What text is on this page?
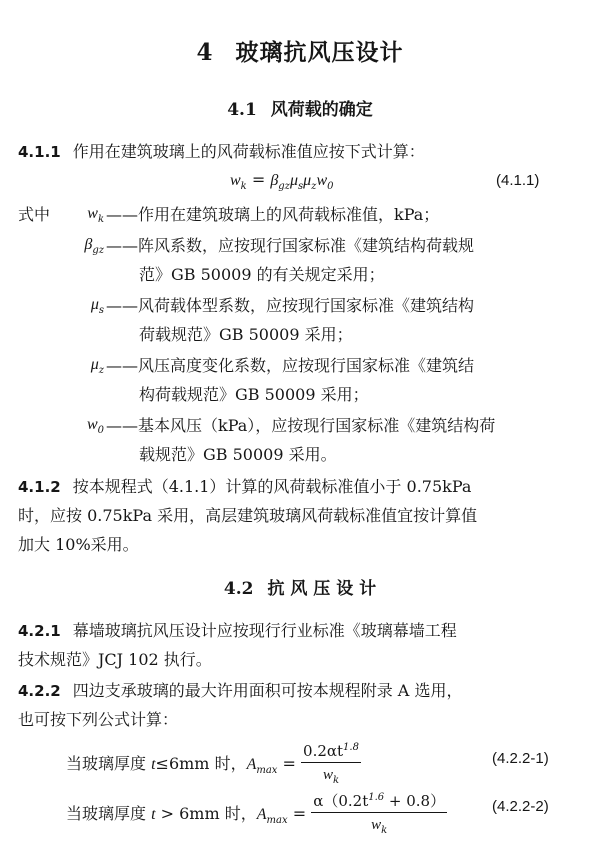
4 玻璃抗风压设计
4.1 风荷载的确定
4.1.1 作用在建筑玻璃上的风荷载标准值应按下式计算：
$w_k = \beta_{gz}\mu_s\mu_zw_0$	(4.1.1)
式中	$w_k$ ——作用在建筑玻璃上的风荷载标准值，kPa；
$\beta_{gz}$ ——阵风系数，应按现行国家标准《建筑结构荷载规
范》GB 50009 的有关规定采用；
$\mu_s$ ——风荷载体型系数，应按现行国家标准《建筑结构
荷载规范》GB 50009 采用；
$\mu_z$ ——风压高度变化系数，应按现行国家标准《建筑结
构荷载规范》GB 50009 采用；
$w_0$ ——基本风压（kPa），应按现行国家标准《建筑结构荷
载规范》GB 50009 采用。
4.1.2 按本规程式（4.1.1）计算的风荷载标准值小于 0.75kPa
时，应按 0.75kPa 采用，高层建筑玻璃风荷载标准值宜按计算值
加大 10%采用。
4.2 抗 风 压 设 计
4.2.1 幕墙玻璃抗风压设计应按现行行业标准《玻璃幕墙工程
技术规范》JCJ 102 执行。
4.2.2 四边支承玻璃的最大许用面积可按本规程附录 A 选用，
也可按下列公式计算：
当玻璃厚度 t≤6mm 时，$A_{max} = \frac{0.2\alpha t^{1.8}}{w_k}$	(4.2.2-1)
当玻璃厚度 t > 6mm 时，$A_{max} = \frac{\alpha(0.2t^{1.6} + 0.8)}{w_k}$	(4.2.2-2)
